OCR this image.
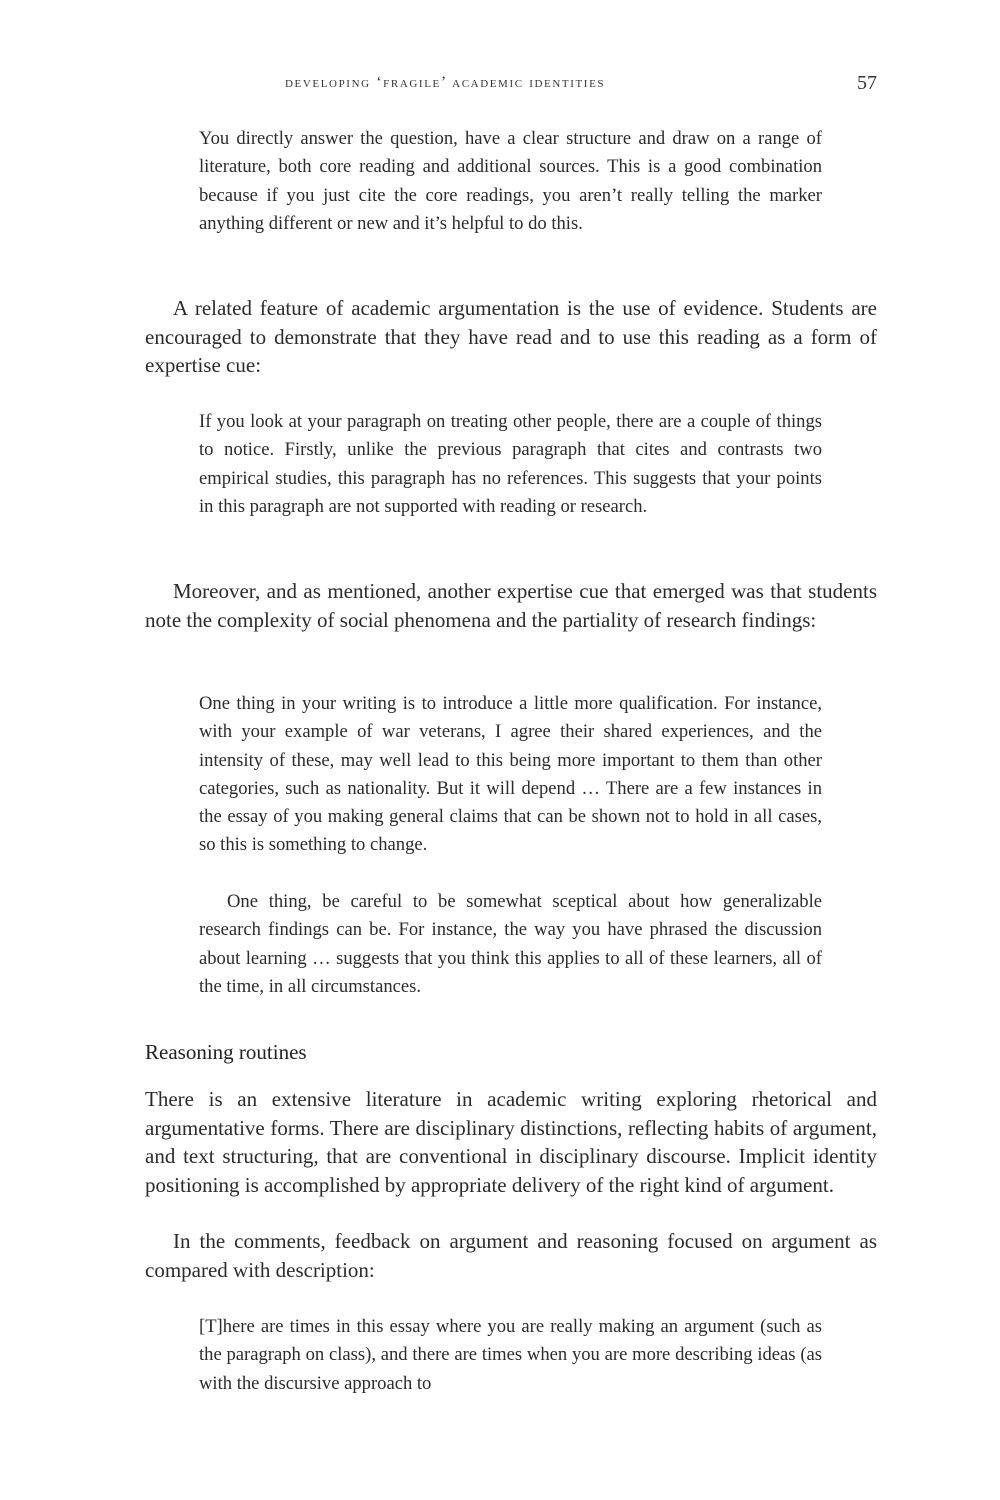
developing ‘fragile’ academic identities	57

You directly answer the question, have a clear structure and draw on a range of literature, both core reading and additional sources. This is a good combination because if you just cite the core readings, you aren’t really telling the marker anything different or new and it’s helpful to do this.

A related feature of academic argumentation is the use of evidence. Students are encouraged to demonstrate that they have read and to use this reading as a form of expertise cue:

If you look at your paragraph on treating other people, there are a couple of things to notice. Firstly, unlike the previous paragraph that cites and contrasts two empirical studies, this paragraph has no references. This suggests that your points in this paragraph are not supported with reading or research.

Moreover, and as mentioned, another expertise cue that emerged was that students note the complexity of social phenomena and the partiality of research findings:

One thing in your writing is to introduce a little more qualification. For instance, with your example of war veterans, I agree their shared experiences, and the intensity of these, may well lead to this being more important to them than other categories, such as nationality. But it will depend … There are a few instances in the essay of you making general claims that can be shown not to hold in all cases, so this is something to change.

One thing, be careful to be somewhat sceptical about how generalizable research findings can be. For instance, the way you have phrased the discussion about learning … suggests that you think this applies to all of these learners, all of the time, in all circumstances.

Reasoning routines

There is an extensive literature in academic writing exploring rhetorical and argumentative forms. There are disciplinary distinctions, reflecting habits of argument, and text structuring, that are conventional in disciplinary discourse. Implicit identity positioning is accomplished by appropriate delivery of the right kind of argument.

In the comments, feedback on argument and reasoning focused on argument as compared with description:

[T]here are times in this essay where you are really making an argument (such as the paragraph on class), and there are times when you are more describing ideas (as with the discursive approach to
